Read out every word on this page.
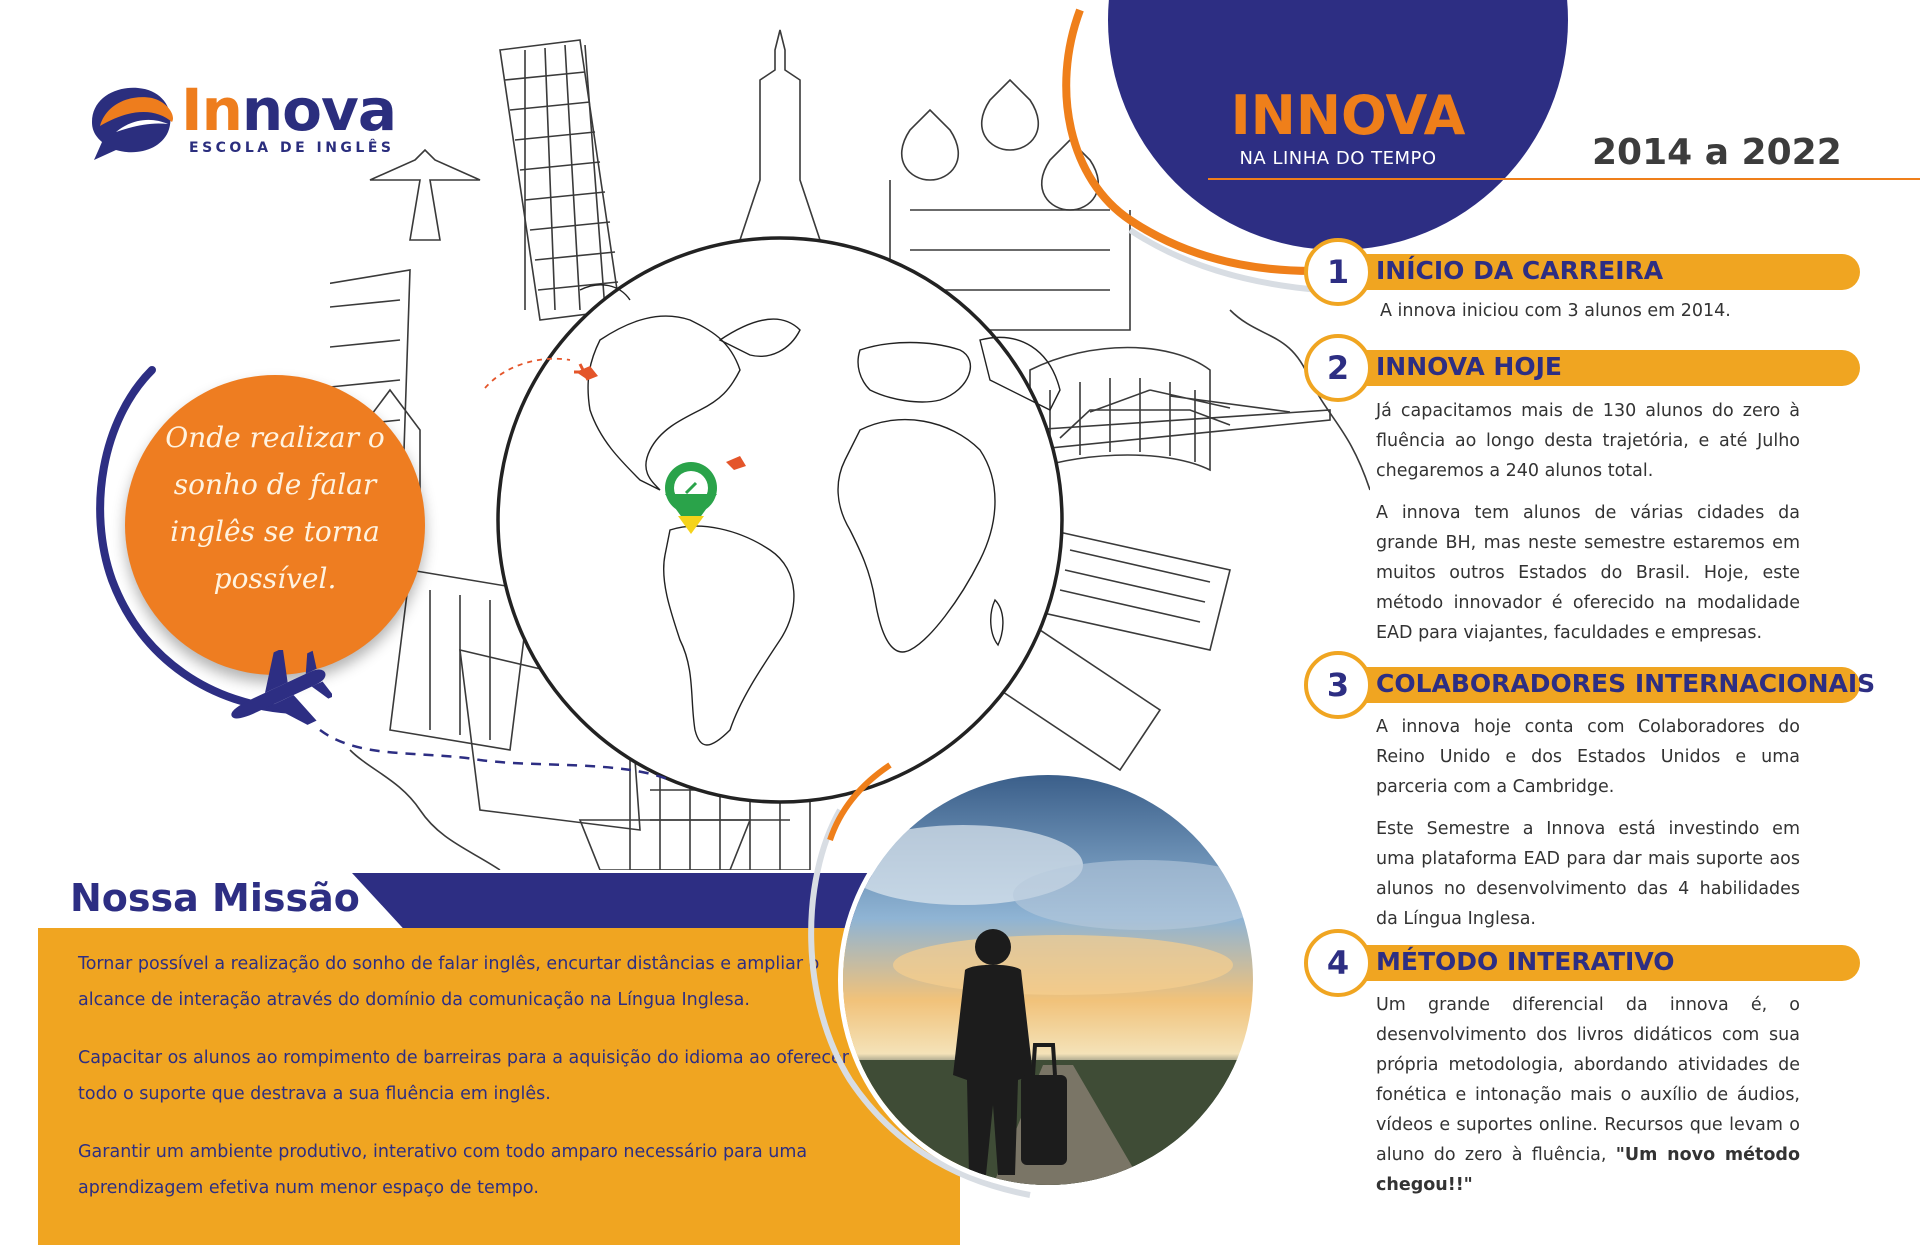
Innova
ESCOLA DE INGLÊS
Onde realizar o
sonho de falar
inglês se torna
possível.
INNOVA
NA LINHA DO TEMPO	2014 a 2022
1	INÍCIO DA CARREIRA

A innova iniciou com 3 alunos em 2014.

2	INNOVA HOJE

Já capacitamos mais de 130 alunos do zero à fluência ao longo desta trajetória, e até Julho chegaremos a 240 alunos total.

A innova tem alunos de várias cidades da grande BH, mas neste semestre estaremos em muitos outros Estados do Brasil. Hoje, este método innovador é oferecido na modalidade EAD para viajantes, faculdades e empresas.

3	COLABORADORES INTERNACIONAIS

A innova hoje conta com Colaboradores do Reino Unido e dos Estados Unidos e uma parceria com a Cambridge.

Este Semestre a Innova está investindo em uma plataforma EAD para dar mais suporte aos alunos no desenvolvimento das 4 habilidades da Língua Inglesa.

4	MÉTODO INTERATIVO

Um grande diferencial da innova é, o desenvolvimento dos livros didáticos com sua própria metodologia, abordando atividades de fonética e intonação mais o auxílio de áudios, vídeos e suportes online. Recursos que levam o aluno do zero à fluência, "Um novo método chegou!!"

Nossa Missão

Tornar possível a realização do sonho de falar inglês, encurtar distâncias e ampliar o alcance de interação através do domínio da comunicação na Língua Inglesa.

Capacitar os alunos ao rompimento de barreiras para a aquisição do idioma ao oferecer todo o suporte que destrava a sua fluência em inglês.

Garantir um ambiente produtivo, interativo com todo amparo necessário para uma aprendizagem efetiva num menor espaço de tempo.
